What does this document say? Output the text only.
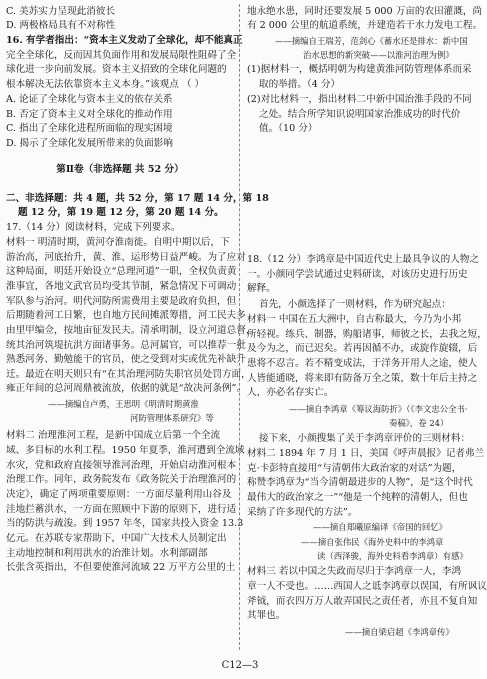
C. 美苏实力呈现此消彼长
D. 两极格局具有不对称性
16. 有学者指出：“资本主义发动了全球化，却不能真正
完全全球化，反而因其负面作用和发展局限性阻碍了全
球化进一步向前发展。资本主义招致的全球化问题的
根本解决无法依靠资本主义本身。”该观点 （ ）
A. 论证了全球化与资本主义的依存关系
B. 否定了资本主义对全球化的推动作用
C. 指出了全球化进程所面临的现实困境
D. 揭示了全球化发展所带来的负面影响
第Ⅱ卷（非选择题 共 52 分）
二、非选择题：共 4 题，共 52 分，第 17 题 14 分，第 18
题 12 分，第 19 题 12 分，第 20 题 14 分。
17.（14 分）阅读材料，完成下列要求。
材料一 明清时期，黄河夺淮南徙。自明中期以后，下
游治高，河底抬升，黄、淮、运形势日益严峻。为了应对
这种局面，明廷开始设立“总理河道”一职，全权负责黄
淮事宜，各地文武官员均受其节制，紧急情况下可调动
军队参与治河。明代河防所需费用主要是政府负担，但
后期随着河工日繁，也自地方民间摊派筹措，河工民夫多
由里甲编佥，按地亩征发民夫。清承明制，设立河道总督，
统其治河筑堤抗洪方面诸事务。总河属官，可以推荐一批
熟悉河务、勤勉能干的官员，使之受到对实或优先补缺升
迁。最近在明天则只有“在其治理河防失职官员处罚方面，
雍正年间的总河周鼎被流放，依据的就是“故决河条例”。
——摘编自卢勇，王思明《明清时期黄淮
河防管理体系研究》等
材料二 治理淮河工程，是新中国成立后第一个全流
域、多目标的水利工程。1950 年夏季，淮河遭到全流域
水灾，党和政府直接领导淮河治理，开始启动淮河根本
治理工作。同年，政务院发布《政务院关于治理淮河的
决定》，确定了两项重要原则：一方面尽量利用山谷及
洼地拦蓄洪水，一方面在照顾中下游的原则下，进行适
当的防洪与疏浚。到 1957 年冬，国家共投入资金 13.3
亿元。在苏联专家帮助下，中国广大技术人员制定出
主动地控制和利用洪水的治淮计划。水利部副部
长张含英指出，不但要使淮河流域 22 万平方公里的土
地永绝水患，同时还要发展 5 000 万亩的农田灌溉，尚
有 2 000 公里的航道系统，并建造若干水力发电工程。
——摘编自王瑞芳，范剑心《蓄水还是排水：新中国
治水思想的新突破——以淮河治理为例》
(1)据材料一，概括明朝为构建黄淮河防管理体系而采
取的举措。（4 分）
(2)对比材料一，指出材料二中新中国治淮手段的不同
之处。结合所学知识说明国家治淮成功的时代价
值。（10 分）
18.（12 分）李鸿章是中国近代史上最具争议的人物之
一。小颜同学尝试通过史料研读，对该历史进行历史
解释。
首先，小颜选择了一则材料，作为研究起点：
材料一 中国在五大洲中，自古称最大，今乃为小邦
所轻视。练兵、制器，购船诸事，师彼之长，去我之短，
及今为之，而已迟矣。若再因循不办，或旋作旋辍，后
患将不忍言。若不精变成法，于洋务开用人之途，使人
人皆能通晓，将来即有防备万全之策，数十年后主持之
人，亦必名存实亡。
——摘自李鸿章《筹议海防折》（《李文忠公全书·
奏稿》，卷 24）
接下来，小颜搜集了关于李鸿章评价的三则材料：
材料二 1894 年 7 月 1 日，美国《呼声晨报》记者弗兰
克·卡彭特直接用“与清朝伟大政治家的对话”为题，
称赞李鸿章为“当今清朝最进步的人物”，是“这个时代
最伟大的政治家之一”“他是一个纯粹的清朝人，但也
采纳了许多现代的方法”。
——摘自郑曦原编译《帝国的回忆》
——摘自张伟民《海外史料中的李鸿章
读（西泽骏，海外史料看李鸿章）有感》
材料三 若以中国之失政而尽归于李鸿章一人，李鸿
章一人不受也。……西国人之诋李鸿章以误国，有所讽议
斧钺，而衣四万万人敢弄国民之责任者，亦且不复自知
其罪也。
——摘自梁启超《李鸿章传》
C12—3
